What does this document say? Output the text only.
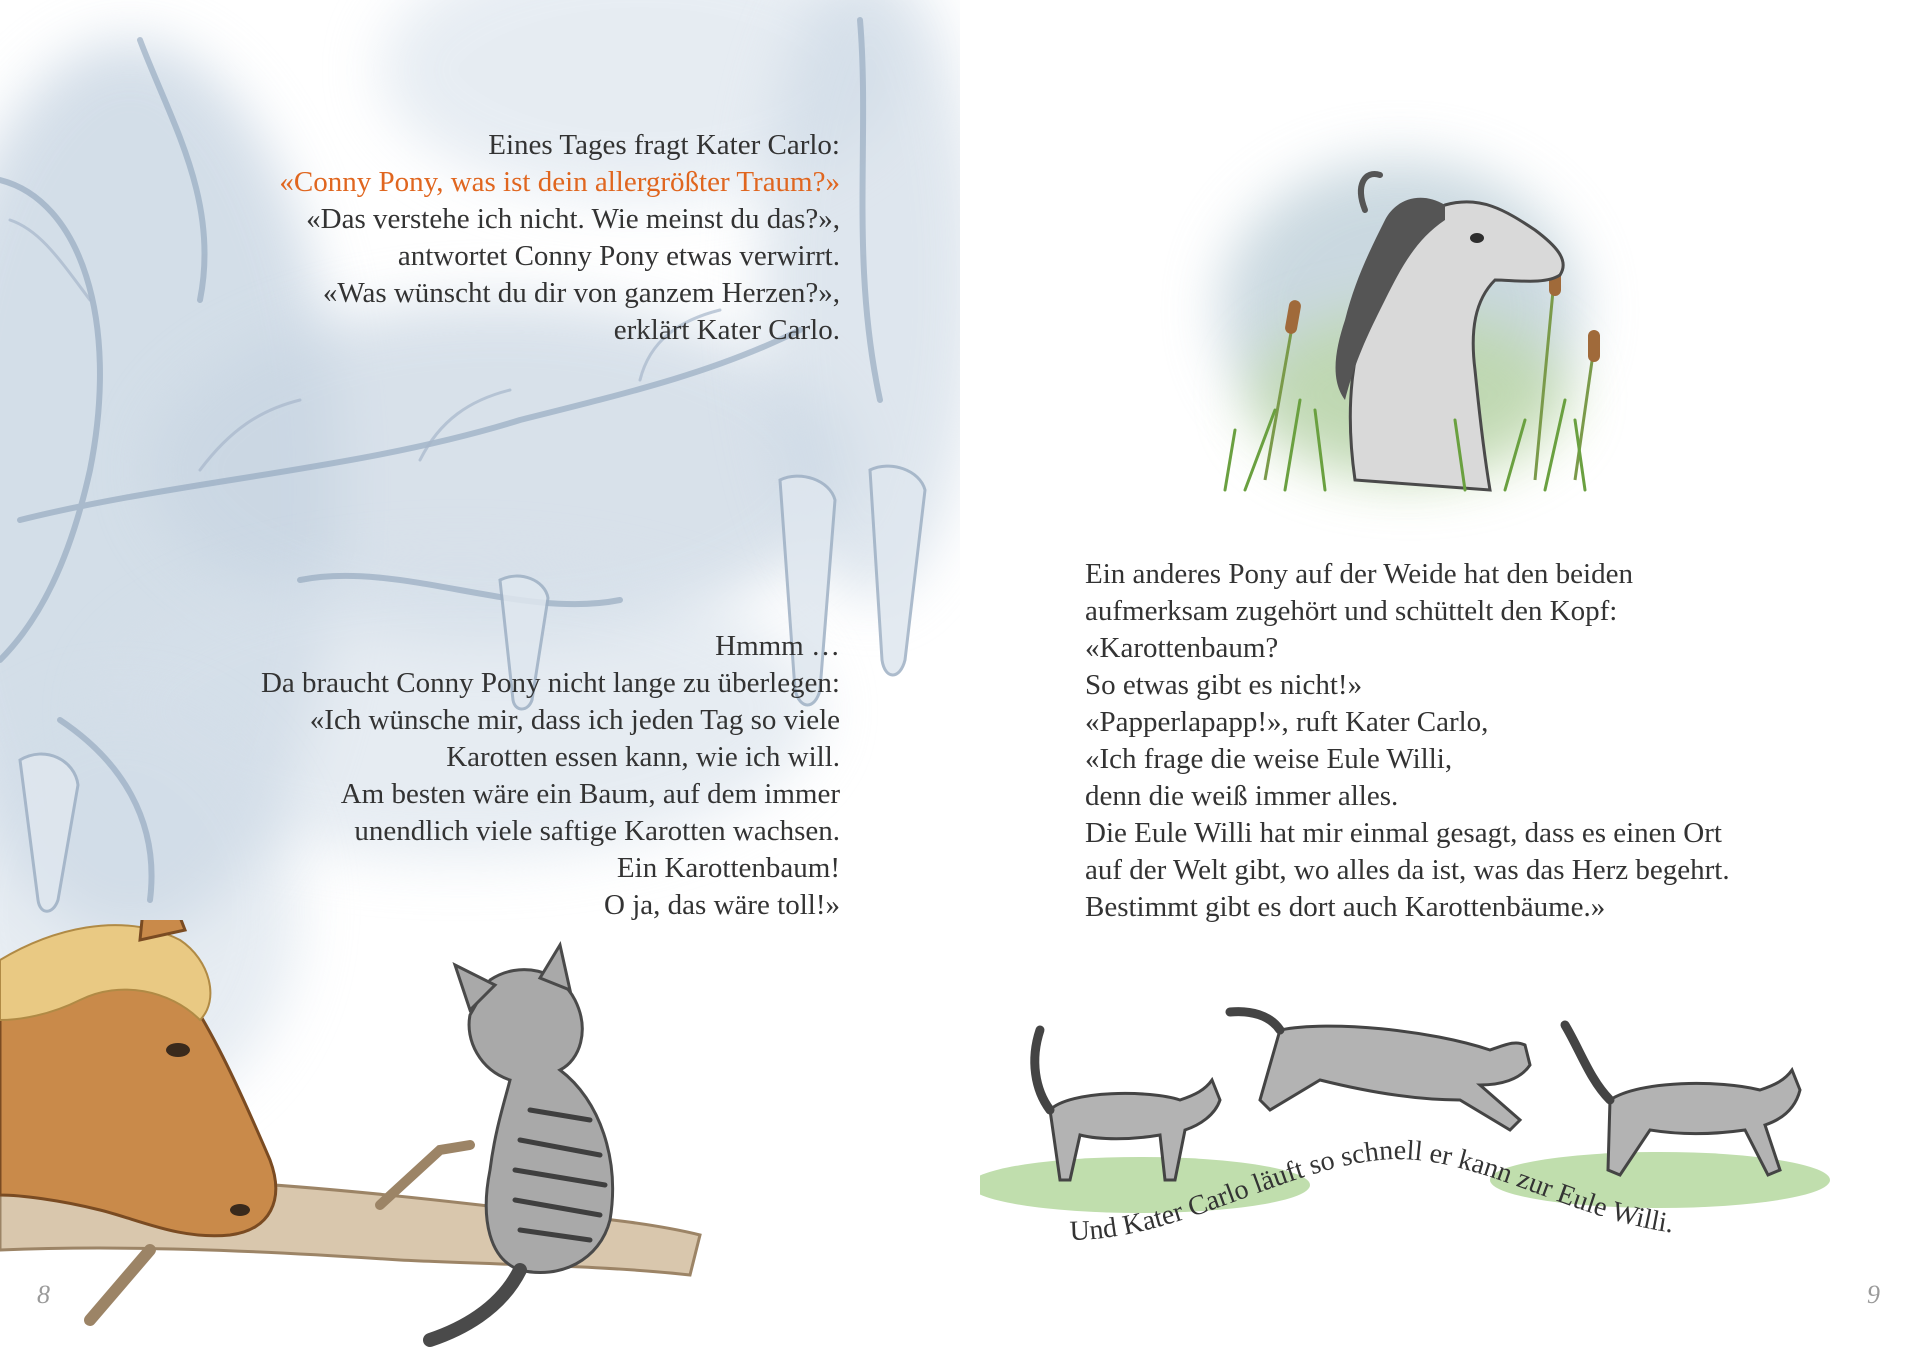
Eines Tages fragt Kater Carlo:
«Conny Pony, was ist dein allergrößter Traum?»
«Das verstehe ich nicht. Wie meinst du das?»,
antwortet Conny Pony etwas verwirrt.
«Was wünscht du dir von ganzem Herzen?»,
erklärt Kater Carlo.
Hmmm …
Da braucht Conny Pony nicht lange zu überlegen:
«Ich wünsche mir, dass ich jeden Tag so viele
Karotten essen kann, wie ich will.
Am besten wäre ein Baum, auf dem immer
unendlich viele saftige Karotten wachsen.
Ein Karottenbaum!
O ja, das wäre toll!»
8
Ein anderes Pony auf der Weide hat den beiden
aufmerksam zugehört und schüttelt den Kopf:
«Karottenbaum?
So etwas gibt es nicht!»
«Papperlapapp!», ruft Kater Carlo,
«Ich frage die weise Eule Willi,
denn die weiß immer alles.
Die Eule Willi hat mir einmal gesagt, dass es einen Ort
auf der Welt gibt, wo alles da ist, was das Herz begehrt.
Bestimmt gibt es dort auch Karottenbäume.»
Und Kater Carlo läuft so schnell er kann zur Eule Willi.
9
